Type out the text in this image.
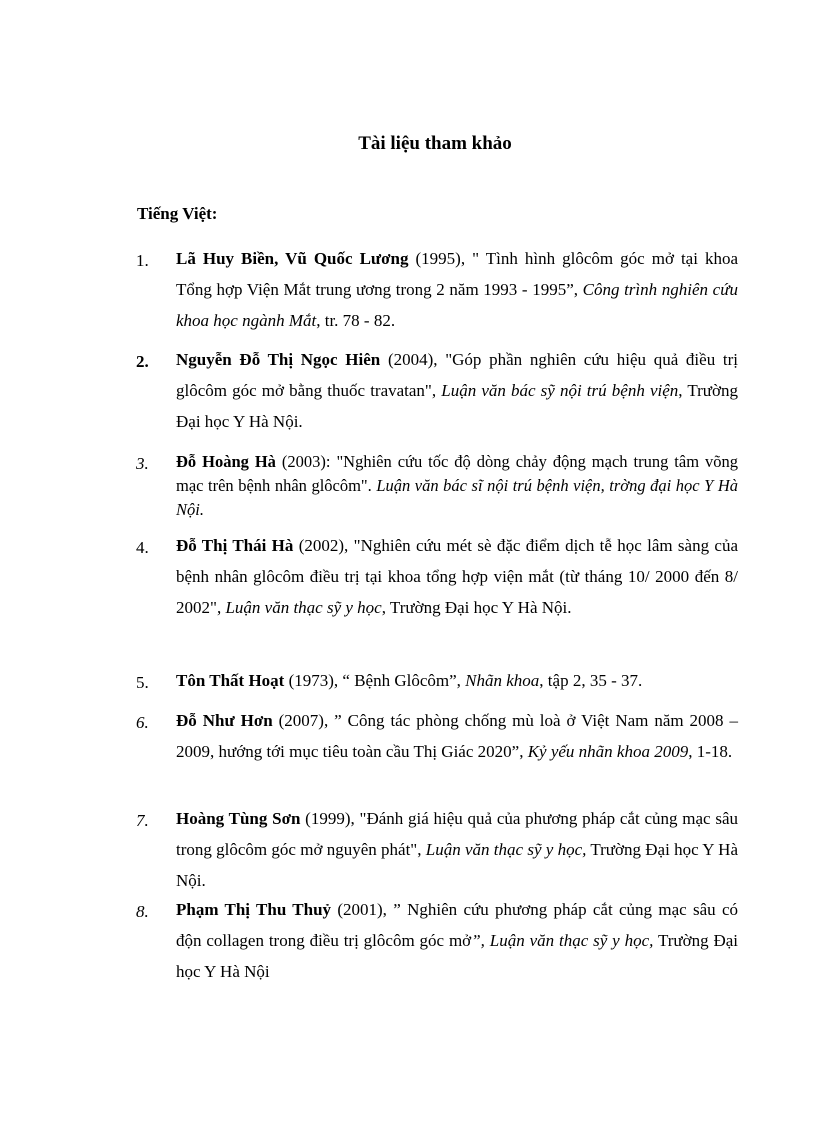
Tài liệu tham khảo
Tiếng Việt:
1. Lã Huy Biền, Vũ Quốc Lương (1995), " Tình hình glôcôm góc mở tại khoa Tổng hợp Viện Mắt trung ương trong 2 năm 1993 - 1995”, Công trình nghiên cứu khoa học ngành Mắt, tr. 78 - 82.
2. Nguyễn Đỗ Thị Ngọc Hiên (2004), "Góp phần nghiên cứu hiệu quả điều trị glôcôm góc mở bằng thuốc travatan", Luận văn bác sỹ nội trú bệnh viện, Trường Đại học Y Hà Nội.
3. Đỗ Hoàng Hà (2003): "Nghiên cứu tốc độ dòng chảy động mạch trung tâm võng mạc trên bệnh nhân glôcôm". Luận văn bác sĩ nội trú bệnh viện, trờng đại học Y Hà Nội.
4. Đỗ Thị Thái Hà (2002), "Nghiên cứu mét sè đặc điểm dịch tễ học lâm sàng của bệnh nhân glôcôm điều trị tại khoa tổng hợp viện mắt (từ tháng 10/ 2000 đến 8/ 2002", Luận văn thạc sỹ y học, Trường Đại học Y Hà Nội.
5. Tôn Thất Hoạt (1973), “ Bệnh Glôcôm”, Nhãn khoa, tập 2, 35 - 37.
6. Đỗ Như Hơn (2007), ” Công tác phòng chống mù loà ở Việt Nam năm 2008 – 2009, hướng tới mục tiêu toàn cầu Thị Giác 2020”, Kỷ yếu nhãn khoa 2009, 1-18.
7. Hoàng Tùng Sơn (1999), "Đánh giá hiệu quả của phương pháp cắt củng mạc sâu trong glôcôm góc mở nguyên phát", Luận văn thạc sỹ y học, Trường Đại học Y Hà Nội.
8. Phạm Thị Thu Thuỷ (2001), ” Nghiên cứu phương pháp cắt củng mạc sâu có độn collagen trong điều trị glôcôm góc mở”, Luận văn thạc sỹ y học, Trường Đại học Y Hà Nội
